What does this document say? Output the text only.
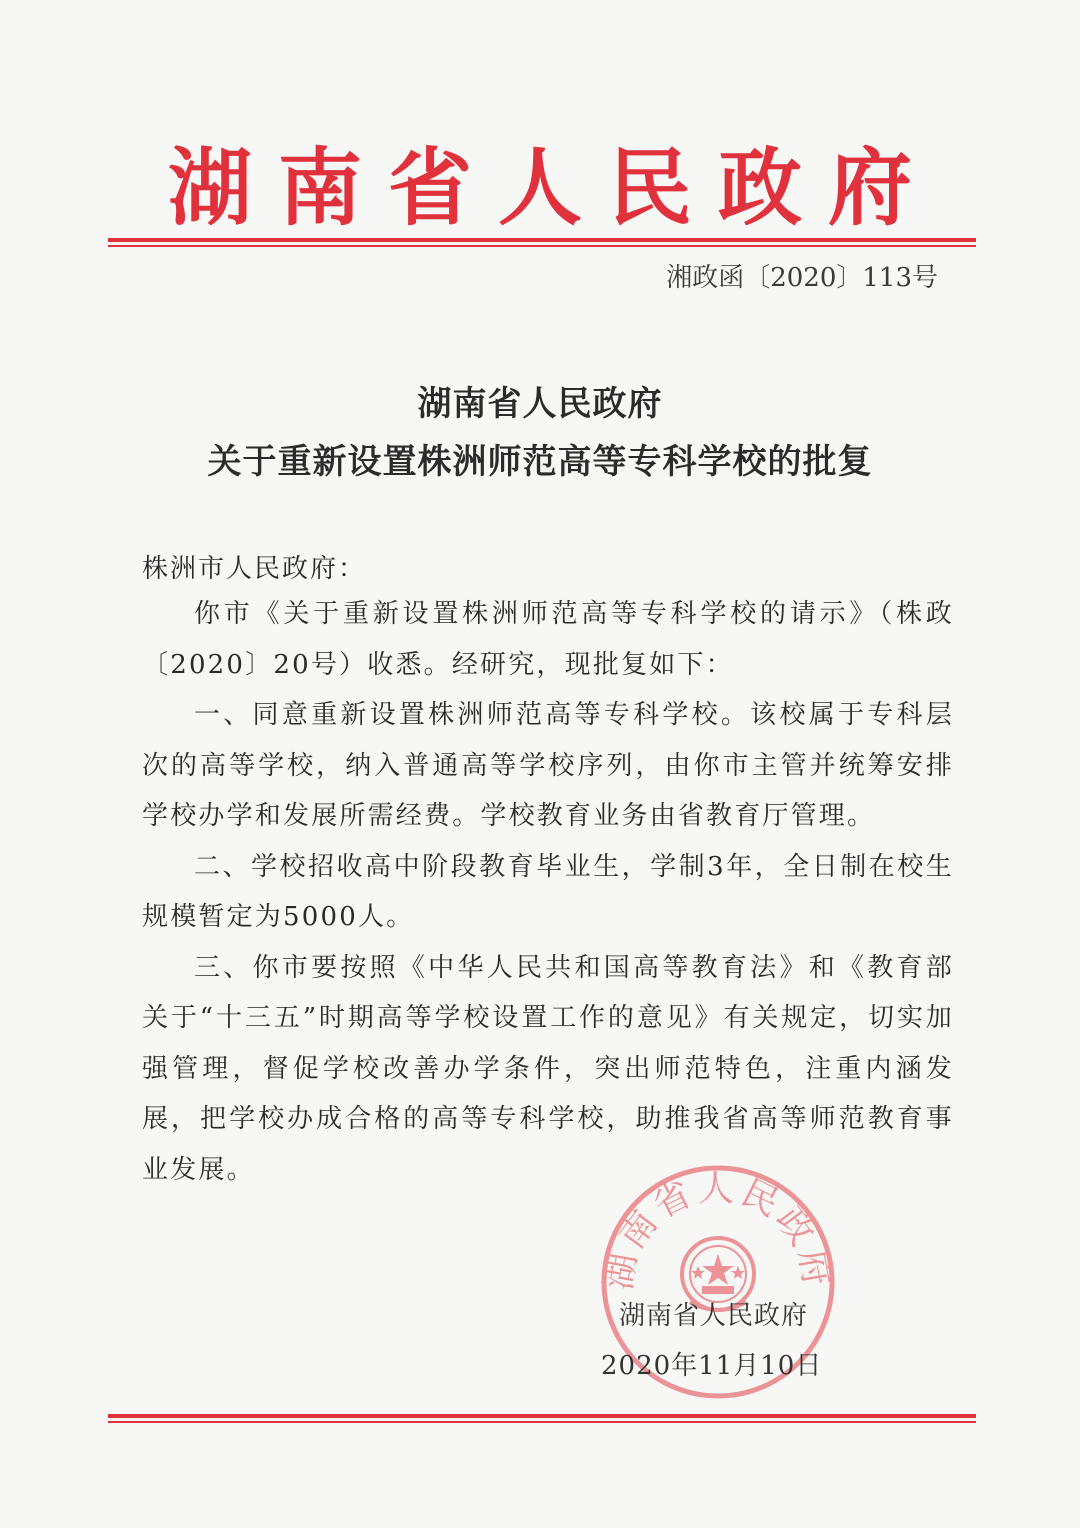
湖南省人民政府
湘政函〔2020〕113号
湖南省人民政府
关于重新设置株洲师范高等专科学校的批复
株洲市人民政府：

你市《关于重新设置株洲师范高等专科学校的请示》（株政〔2020〕20号）收悉。经研究，现批复如下：

一、同意重新设置株洲师范高等专科学校。该校属于专科层次的高等学校，纳入普通高等学校序列，由你市主管并统筹安排学校办学和发展所需经费。学校教育业务由省教育厅管理。

二、学校招收高中阶段教育毕业生，学制3年，全日制在校生规模暂定为5000人。

三、你市要按照《中华人民共和国高等教育法》和《教育部关于“十三五”时期高等学校设置工作的意见》有关规定，切实加强管理，督促学校改善办学条件，突出师范特色，注重内涵发展，把学校办成合格的高等专科学校，助推我省高等师范教育事业发展。

湖南省人民政府
湖南省人民政府
2020年11月10日
